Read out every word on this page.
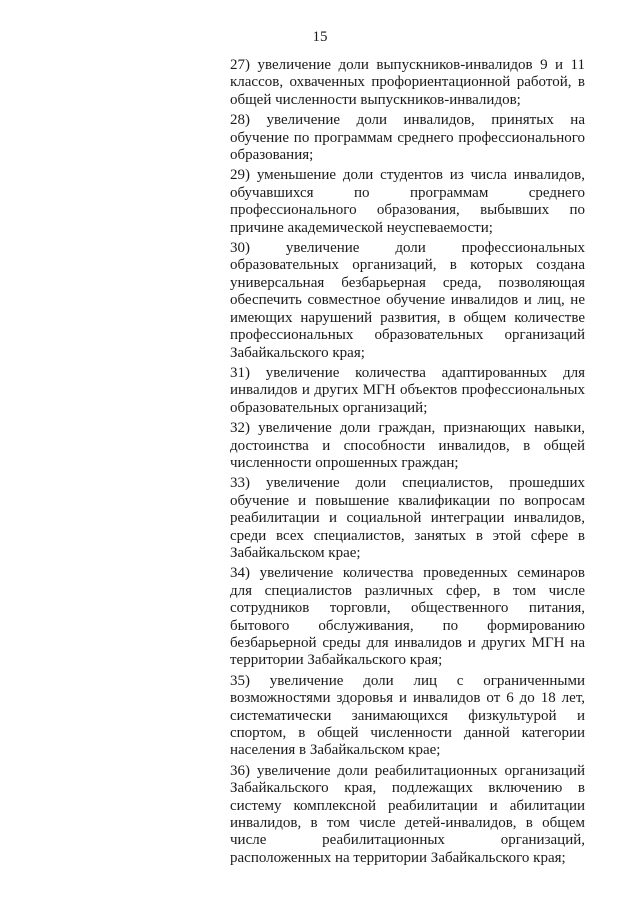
15

27) увеличение доли выпускников-инвалидов 9 и 11
классов, охваченных профориентационной работой, в
общей численности выпускников-инвалидов;

28) увеличение доли инвалидов, принятых на
обучение по программам среднего профессионального
образования;

29) уменьшение доли студентов из числа инвалидов,
обучавшихся по программам среднего
профессионального образования, выбывших по
причине академической неуспеваемости;

30) увеличение доли профессиональных
образовательных организаций, в которых создана
универсальная безбарьерная среда, позволяющая
обеспечить совместное обучение инвалидов и лиц, не
имеющих нарушений развития, в общем количестве
профессиональных образовательных организаций
Забайкальского края;

31) увеличение количества адаптированных для
инвалидов и других МГН объектов профессиональных
образовательных организаций;

32) увеличение доли граждан, признающих навыки,
достоинства и способности инвалидов, в общей
численности опрошенных граждан;

33) увеличение доли специалистов, прошедших
обучение и повышение квалификации по вопросам
реабилитации и социальной интеграции инвалидов,
среди всех специалистов, занятых в этой сфере в
Забайкальском крае;

34) увеличение количества проведенных семинаров
для специалистов различных сфер, в том числе
сотрудников торговли, общественного питания,
бытового обслуживания, по формированию
безбарьерной среды для инвалидов и других МГН на
территории Забайкальского края;

35) увеличение доли лиц с ограниченными
возможностями здоровья и инвалидов от 6 до 18 лет,
систематически занимающихся физкультурой и
спортом, в общей численности данной категории
населения в Забайкальском крае;

36) увеличение доли реабилитационных организаций
Забайкальского края, подлежащих включению в
систему комплексной реабилитации и абилитации
инвалидов, в том числе детей-инвалидов, в общем
числе реабилитационных организаций,
расположенных на территории Забайкальского края;
